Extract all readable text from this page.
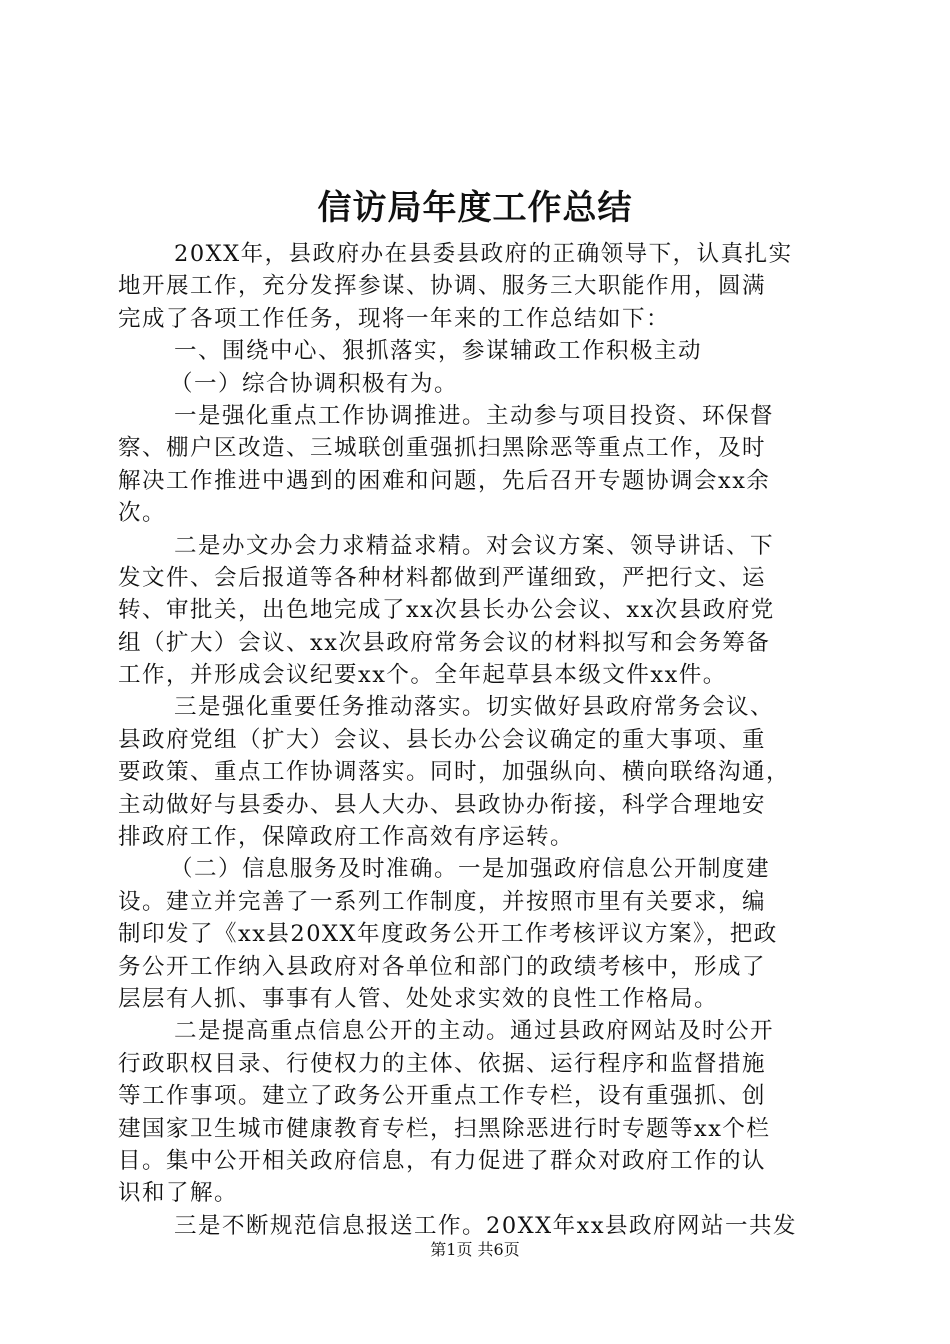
信访局年度工作总结
20XX年，县政府办在县委县政府的正确领导下，认真扎实
地开展工作，充分发挥参谋、协调、服务三大职能作用，圆满
完成了各项工作任务，现将一年来的工作总结如下：
一、围绕中心、狠抓落实，参谋辅政工作积极主动
（一）综合协调积极有为。
一是强化重点工作协调推进。主动参与项目投资、环保督
察、棚户区改造、三城联创重强抓扫黑除恶等重点工作，及时
解决工作推进中遇到的困难和问题，先后召开专题协调会xx余
次。
二是办文办会力求精益求精。对会议方案、领导讲话、下
发文件、会后报道等各种材料都做到严谨细致，严把行文、运
转、审批关，出色地完成了xx次县长办公会议、xx次县政府党
组（扩大）会议、xx次县政府常务会议的材料拟写和会务筹备
工作，并形成会议纪要xx个。全年起草县本级文件xx件。
三是强化重要任务推动落实。切实做好县政府常务会议、
县政府党组（扩大）会议、县长办公会议确定的重大事项、重
要政策、重点工作协调落实。同时，加强纵向、横向联络沟通，
主动做好与县委办、县人大办、县政协办衔接，科学合理地安
排政府工作，保障政府工作高效有序运转。
（二）信息服务及时准确。一是加强政府信息公开制度建
设。建立并完善了一系列工作制度，并按照市里有关要求，编
制印发了《xx县20XX年度政务公开工作考核评议方案》，把政
务公开工作纳入县政府对各单位和部门的政绩考核中，形成了
层层有人抓、事事有人管、处处求实效的良性工作格局。
二是提高重点信息公开的主动。通过县政府网站及时公开
行政职权目录、行使权力的主体、依据、运行程序和监督措施
等工作事项。建立了政务公开重点工作专栏，设有重强抓、创
建国家卫生城市健康教育专栏，扫黑除恶进行时专题等xx个栏
目。集中公开相关政府信息，有力促进了群众对政府工作的认
识和了解。
三是不断规范信息报送工作。20XX年xx县政府网站一共发
第1页 共6页
